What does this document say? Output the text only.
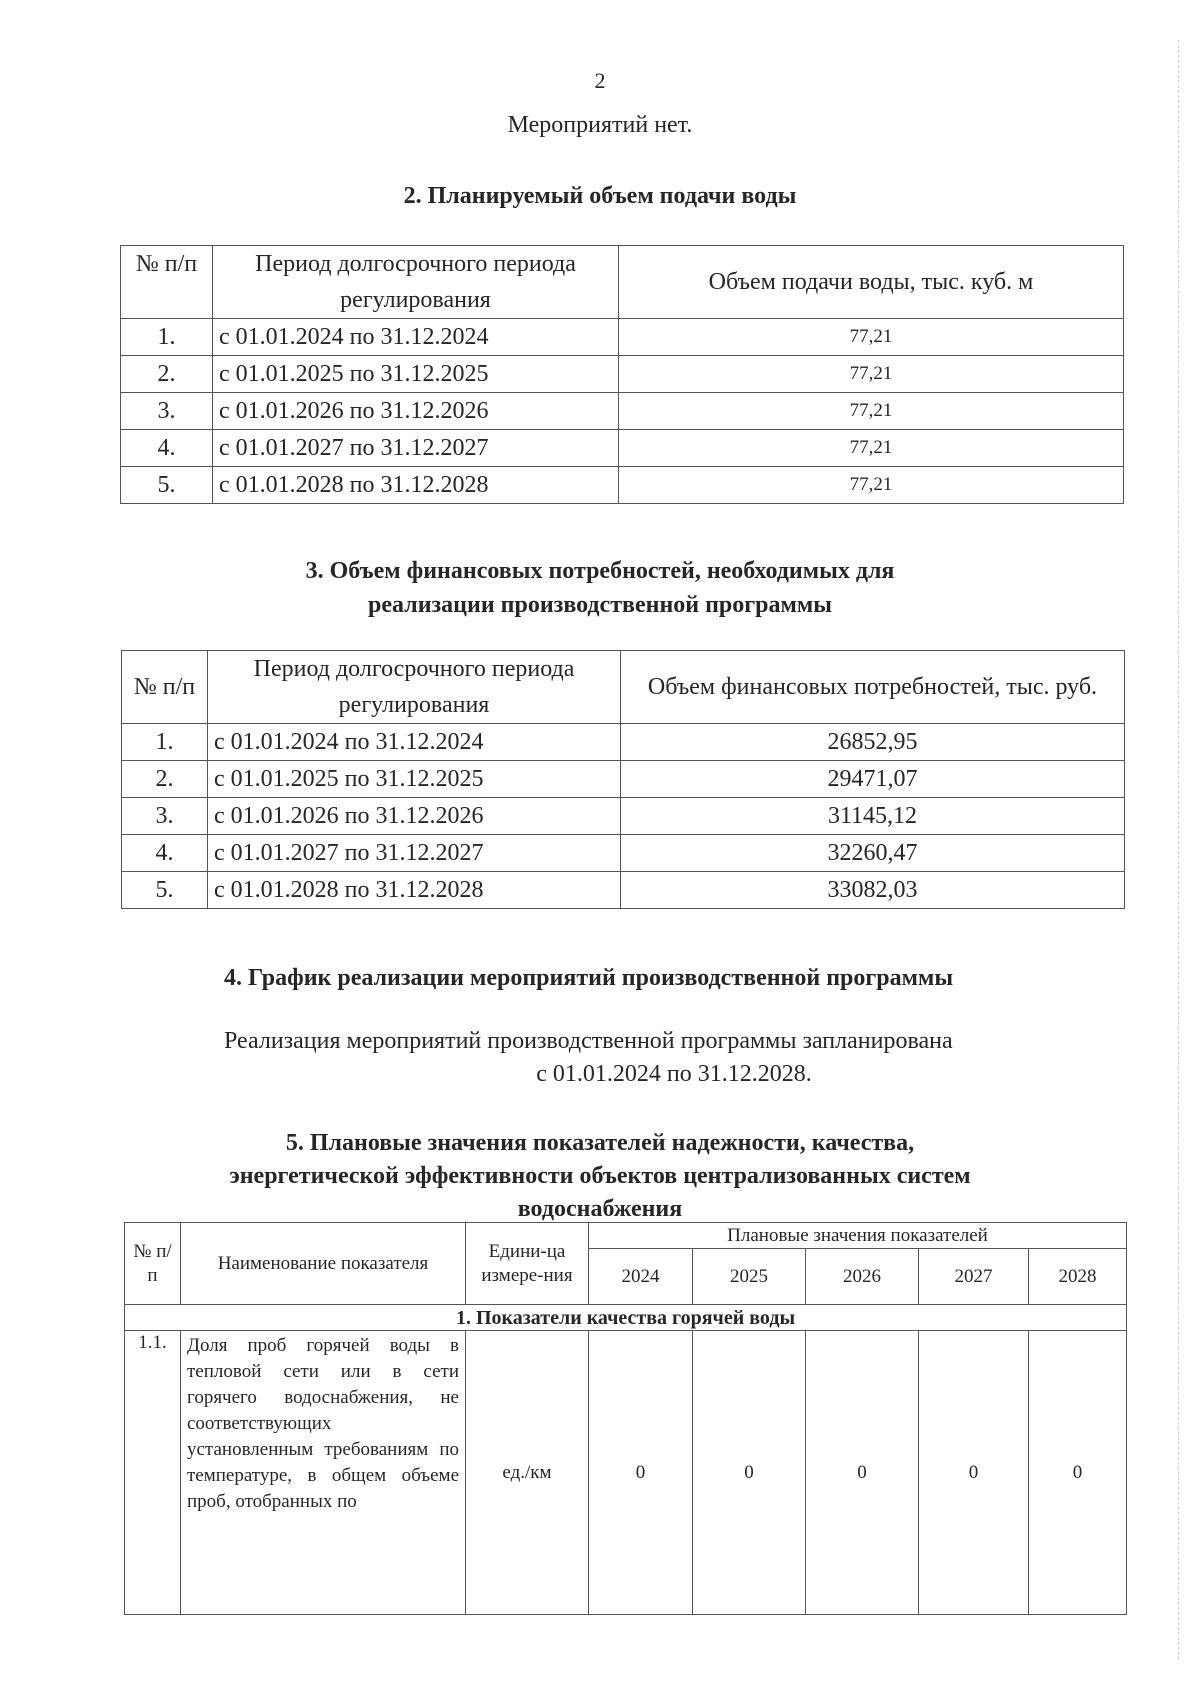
2
Мероприятий нет.
2. Планируемый объем подачи воды
№ п/п	Период долгосрочного периода регулирования	Объем подачи воды, тыс. куб. м
1.	с 01.01.2024 по 31.12.2024	77,21
2.	с 01.01.2025 по 31.12.2025	77,21
3.	с 01.01.2026 по 31.12.2026	77,21
4.	с 01.01.2027 по 31.12.2027	77,21
5.	с 01.01.2028 по 31.12.2028	77,21
3. Объем финансовых потребностей, необходимых для
реализации производственной программы
№ п/п	Период долгосрочного периода регулирования	Объем финансовых потребностей, тыс. руб.
1.	с 01.01.2024 по 31.12.2024	26852,95
2.	с 01.01.2025 по 31.12.2025	29471,07
3.	с 01.01.2026 по 31.12.2026	31145,12
4.	с 01.01.2027 по 31.12.2027	32260,47
5.	с 01.01.2028 по 31.12.2028	33082,03
4. График реализации мероприятий производственной программы
Реализация мероприятий производственной программы запланирована
с 01.01.2024 по 31.12.2028.
5. Плановые значения показателей надежности, качества,
энергетической эффективности объектов централизованных систем
водоснабжения
№ п/п	Наименование показателя	Едини-ца измере-ния	Плановые значения показателей				
			2024	2025	2026	2027	2028
1. Показатели качества горячей воды							
1.1.	Доля проб горячей воды в тепловой сети или в сети горячего водоснабжения, не соответствующих установленным требованиям по температуре, в общем объеме проб, отобранных по	ед./км	0	0	0	0	0
